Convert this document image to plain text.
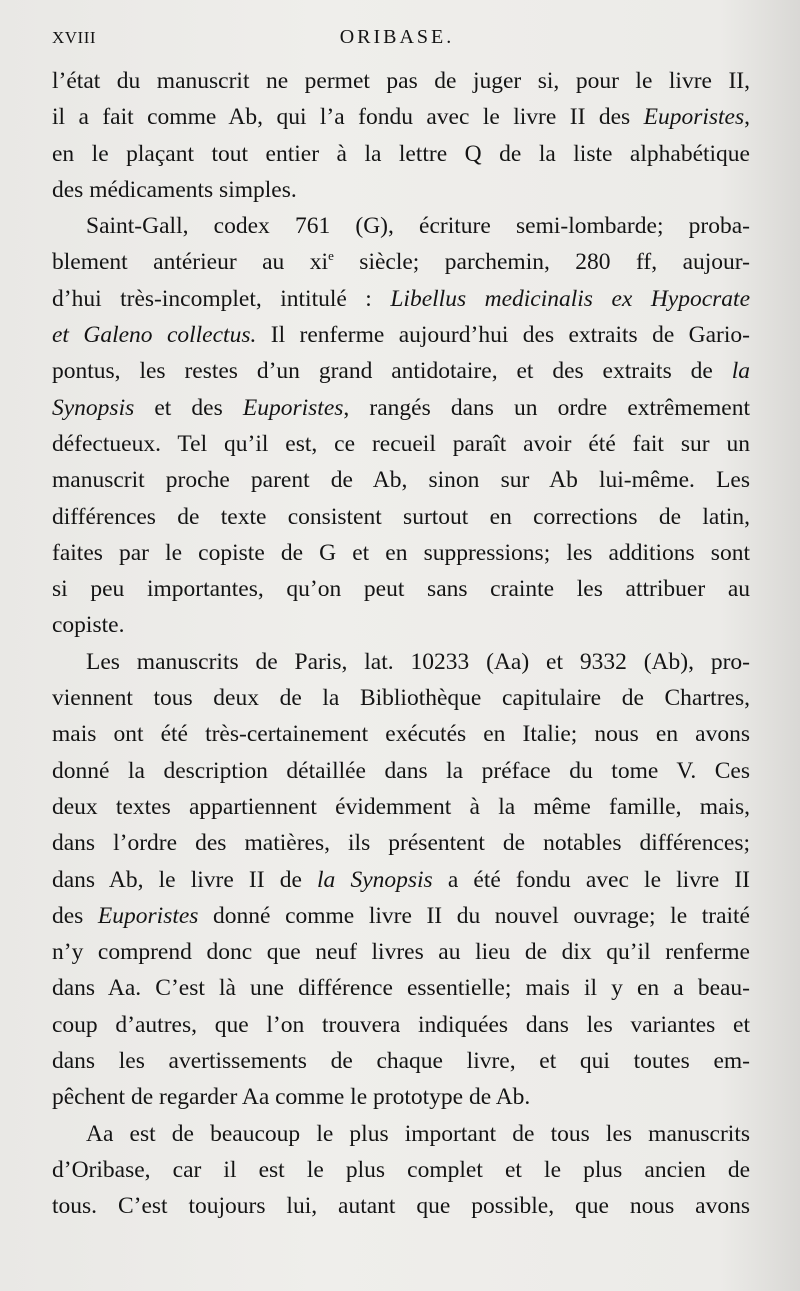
XVIII	ORIBASE.
l’état du manuscrit ne permet pas de juger si, pour le livre II,
il a fait comme Ab, qui l’a fondu avec le livre II des Euporistes,
en le plaçant tout entier à la lettre Q de la liste alphabétique
des médicaments simples.
Saint-Gall, codex 761 (G), écriture semi-lombarde; proba-
blement antérieur au $xi^e$ siècle; parchemin, 280 ff, aujour-
d’hui très-incomplet, intitulé : Libellus medicinalis ex Hypocrate
et Galeno collectus. Il renferme aujourd’hui des extraits de Gario-
pontus, les restes d’un grand antidotaire, et des extraits de la
Synopsis et des Euporistes, rangés dans un ordre extrêmement
défectueux. Tel qu’il est, ce recueil paraît avoir été fait sur un
manuscrit proche parent de Ab, sinon sur Ab lui-même. Les
différences de texte consistent surtout en corrections de latin,
faites par le copiste de G et en suppressions; les additions sont
si peu importantes, qu’on peut sans crainte les attribuer au
copiste.
Les manuscrits de Paris, lat. 10233 (Aa) et 9332 (Ab), pro-
viennent tous deux de la Bibliothèque capitulaire de Chartres,
mais ont été très-certainement exécutés en Italie; nous en avons
donné la description détaillée dans la préface du tome V. Ces
deux textes appartiennent évidemment à la même famille, mais,
dans l’ordre des matières, ils présentent de notables différences;
dans Ab, le livre II de la Synopsis a été fondu avec le livre II
des Euporistes donné comme livre II du nouvel ouvrage; le traité
n’y comprend donc que neuf livres au lieu de dix qu’il renferme
dans Aa. C’est là une différence essentielle; mais il y en a beau-
coup d’autres, que l’on trouvera indiquées dans les variantes et
dans les avertissements de chaque livre, et qui toutes em-
pêchent de regarder Aa comme le prototype de Ab.
Aa est de beaucoup le plus important de tous les manuscrits
d’Oribase, car il est le plus complet et le plus ancien de
tous. C’est toujours lui, autant que possible, que nous avons
